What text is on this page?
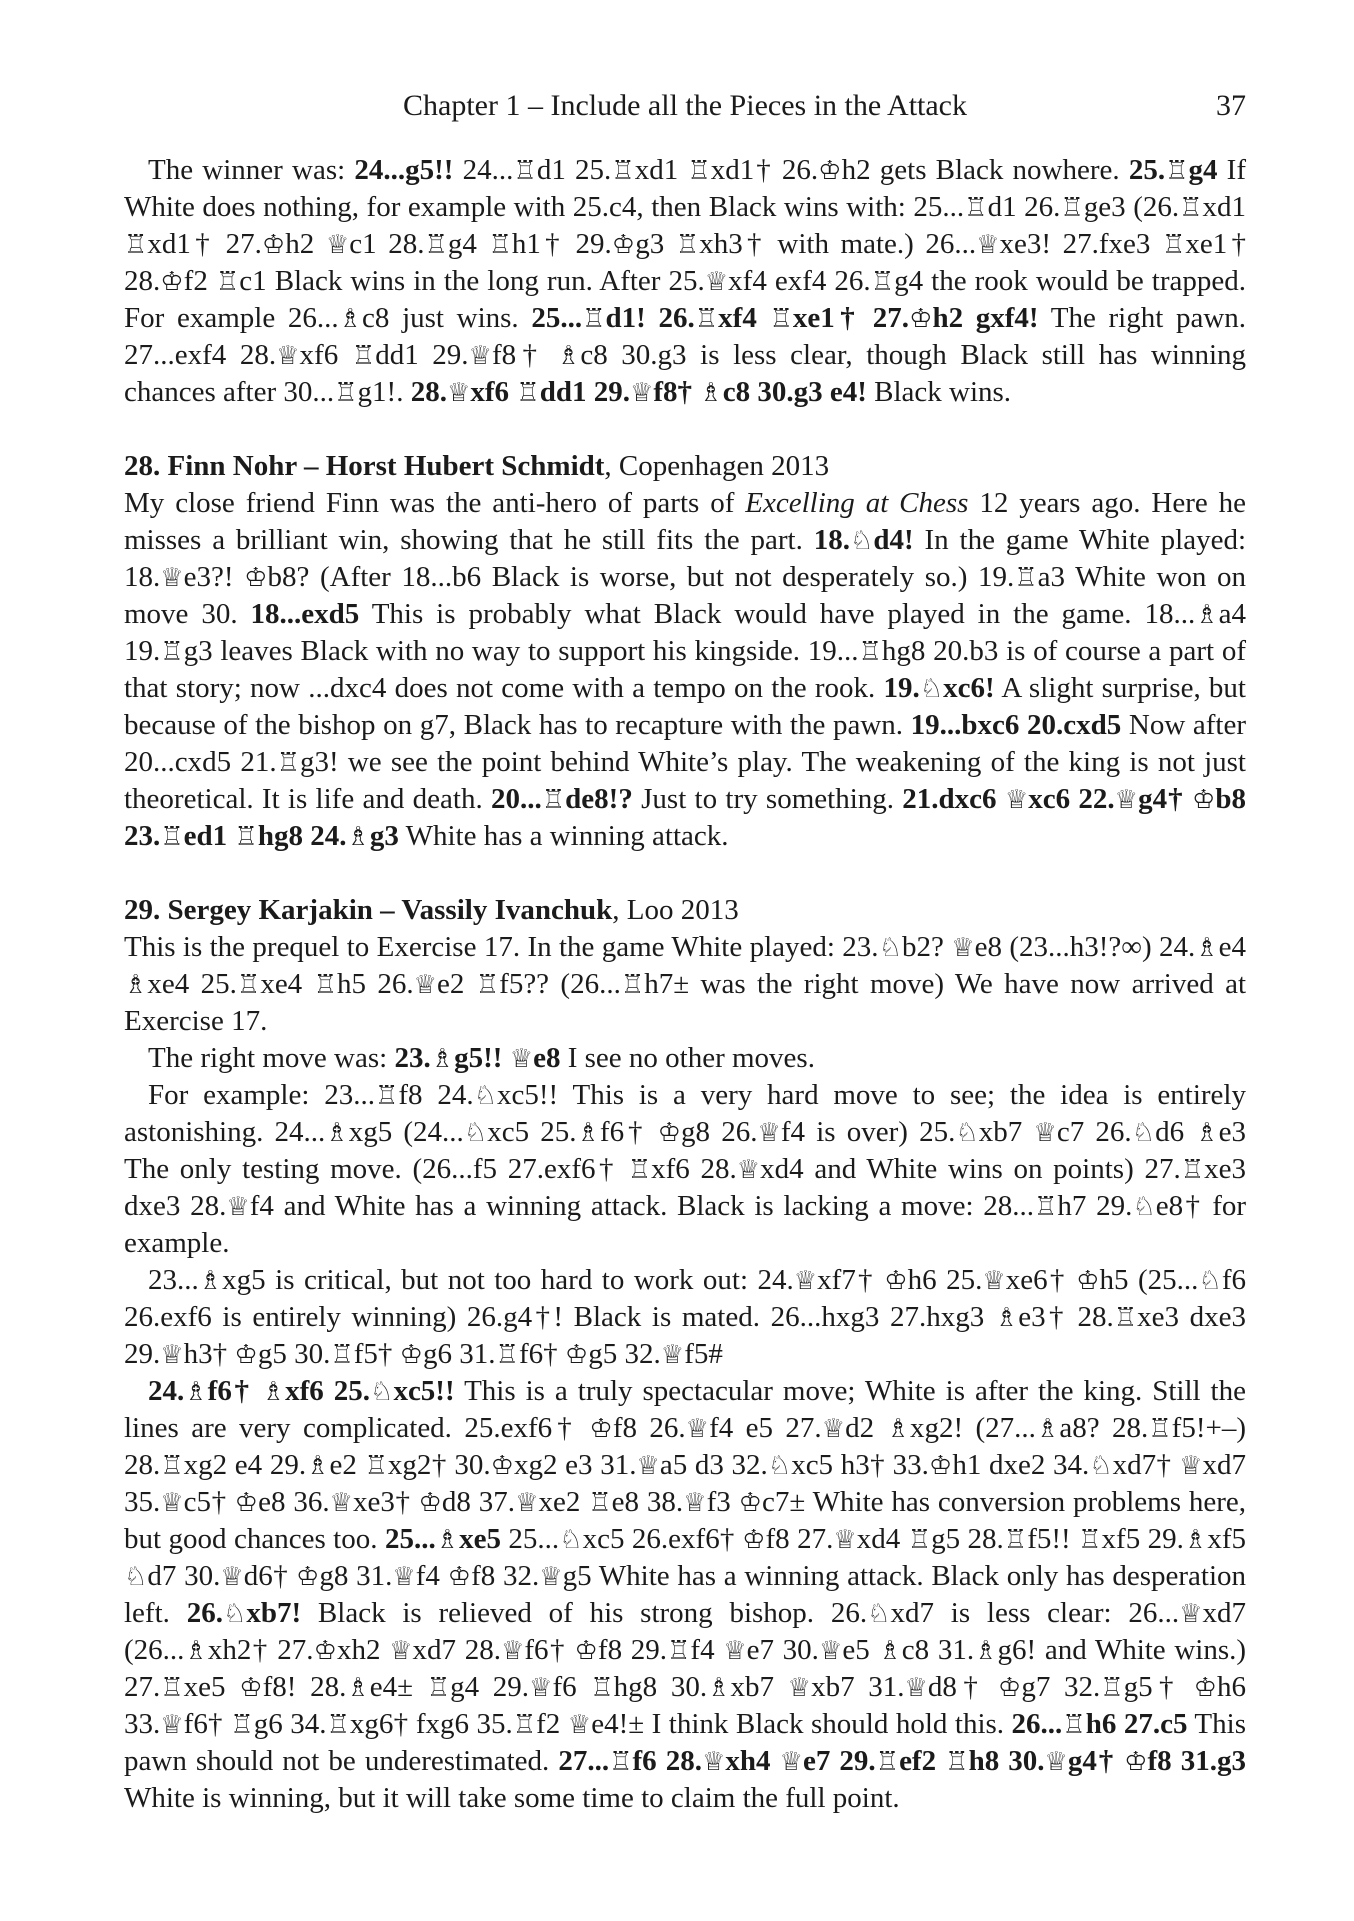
Chapter 1 – Include all the Pieces in the Attack	37

The winner was: 24...g5!! 24...♖d1 25.♖xd1 ♖xd1† 26.♔h2 gets Black nowhere. 25.♖g4 If White does nothing, for example with 25.c4, then Black wins with: 25...♖d1 26.♖ge3 (26.♖xd1 ♖xd1† 27.♔h2 ♕c1 28.♖g4 ♖h1† 29.♔g3 ♖xh3† with mate.) 26...♕xe3! 27.fxe3 ♖xe1† 28.♔f2 ♖c1 Black wins in the long run. After 25.♕xf4 exf4 26.♖g4 the rook would be trapped. For example 26...♗c8 just wins. 25...♖d1! 26.♖xf4 ♖xe1† 27.♔h2 gxf4! The right pawn. 27...exf4 28.♕xf6 ♖dd1 29.♕f8† ♗c8 30.g3 is less clear, though Black still has winning chances after 30...♖g1!. 28.♕xf6 ♖dd1 29.♕f8† ♗c8 30.g3 e4! Black wins.

28. Finn Nohr – Horst Hubert Schmidt, Copenhagen 2013

My close friend Finn was the anti-hero of parts of Excelling at Chess 12 years ago. Here he misses a brilliant win, showing that he still fits the part. 18.♘d4! In the game White played: 18.♕e3?! ♔b8? (After 18...b6 Black is worse, but not desperately so.) 19.♖a3 White won on move 30. 18...exd5 This is probably what Black would have played in the game. 18...♗a4 19.♖g3 leaves Black with no way to support his kingside. 19...♖hg8 20.b3 is of course a part of that story; now ...dxc4 does not come with a tempo on the rook. 19.♘xc6! A slight surprise, but because of the bishop on g7, Black has to recapture with the pawn. 19...bxc6 20.cxd5 Now after 20...cxd5 21.♖g3! we see the point behind White’s play. The weakening of the king is not just theoretical. It is life and death. 20...♖de8!? Just to try something. 21.dxc6 ♕xc6 22.♕g4† ♔b8 23.♖ed1 ♖hg8 24.♗g3 White has a winning attack.

29. Sergey Karjakin – Vassily Ivanchuk, Loo 2013

This is the prequel to Exercise 17. In the game White played: 23.♘b2? ♕e8 (23...h3!?∞) 24.♗e4 ♗xe4 25.♖xe4 ♖h5 26.♕e2 ♖f5?? (26...♖h7± was the right move) We have now arrived at Exercise 17.

The right move was: 23.♗g5!! ♕e8 I see no other moves.

For example: 23...♖f8 24.♘xc5!! This is a very hard move to see; the idea is entirely astonishing. 24...♗xg5 (24...♘xc5 25.♗f6† ♔g8 26.♕f4 is over) 25.♘xb7 ♕c7 26.♘d6 ♗e3 The only testing move. (26...f5 27.exf6† ♖xf6 28.♕xd4 and White wins on points) 27.♖xe3 dxe3 28.♕f4 and White has a winning attack. Black is lacking a move: 28...♖h7 29.♘e8† for example.

23...♗xg5 is critical, but not too hard to work out: 24.♕xf7† ♔h6 25.♕xe6† ♔h5 (25...♘f6 26.exf6 is entirely winning) 26.g4†! Black is mated. 26...hxg3 27.hxg3 ♗e3† 28.♖xe3 dxe3 29.♕h3† ♔g5 30.♖f5† ♔g6 31.♖f6† ♔g5 32.♕f5#

24.♗f6† ♗xf6 25.♘xc5!! This is a truly spectacular move; White is after the king. Still the lines are very complicated. 25.exf6† ♔f8 26.♕f4 e5 27.♕d2 ♗xg2! (27...♗a8? 28.♖f5!+–) 28.♖xg2 e4 29.♗e2 ♖xg2† 30.♔xg2 e3 31.♕a5 d3 32.♘xc5 h3† 33.♔h1 dxe2 34.♘xd7† ♕xd7 35.♕c5† ♔e8 36.♕xe3† ♔d8 37.♕xe2 ♖e8 38.♕f3 ♔c7± White has conversion problems here, but good chances too. 25...♗xe5 25...♘xc5 26.exf6† ♔f8 27.♕xd4 ♖g5 28.♖f5!! ♖xf5 29.♗xf5 ♘d7 30.♕d6† ♔g8 31.♕f4 ♔f8 32.♕g5 White has a winning attack. Black only has desperation left. 26.♘xb7! Black is relieved of his strong bishop. 26.♘xd7 is less clear: 26...♕xd7 (26...♗xh2† 27.♔xh2 ♕xd7 28.♕f6† ♔f8 29.♖f4 ♕e7 30.♕e5 ♗c8 31.♗g6! and White wins.) 27.♖xe5 ♔f8! 28.♗e4± ♖g4 29.♕f6 ♖hg8 30.♗xb7 ♕xb7 31.♕d8† ♔g7 32.♖g5† ♔h6 33.♕f6† ♖g6 34.♖xg6† fxg6 35.♖f2 ♕e4!± I think Black should hold this. 26...♖h6 27.c5 This pawn should not be underestimated. 27...♖f6 28.♕xh4 ♕e7 29.♖ef2 ♖h8 30.♕g4† ♔f8 31.g3 White is winning, but it will take some time to claim the full point.
